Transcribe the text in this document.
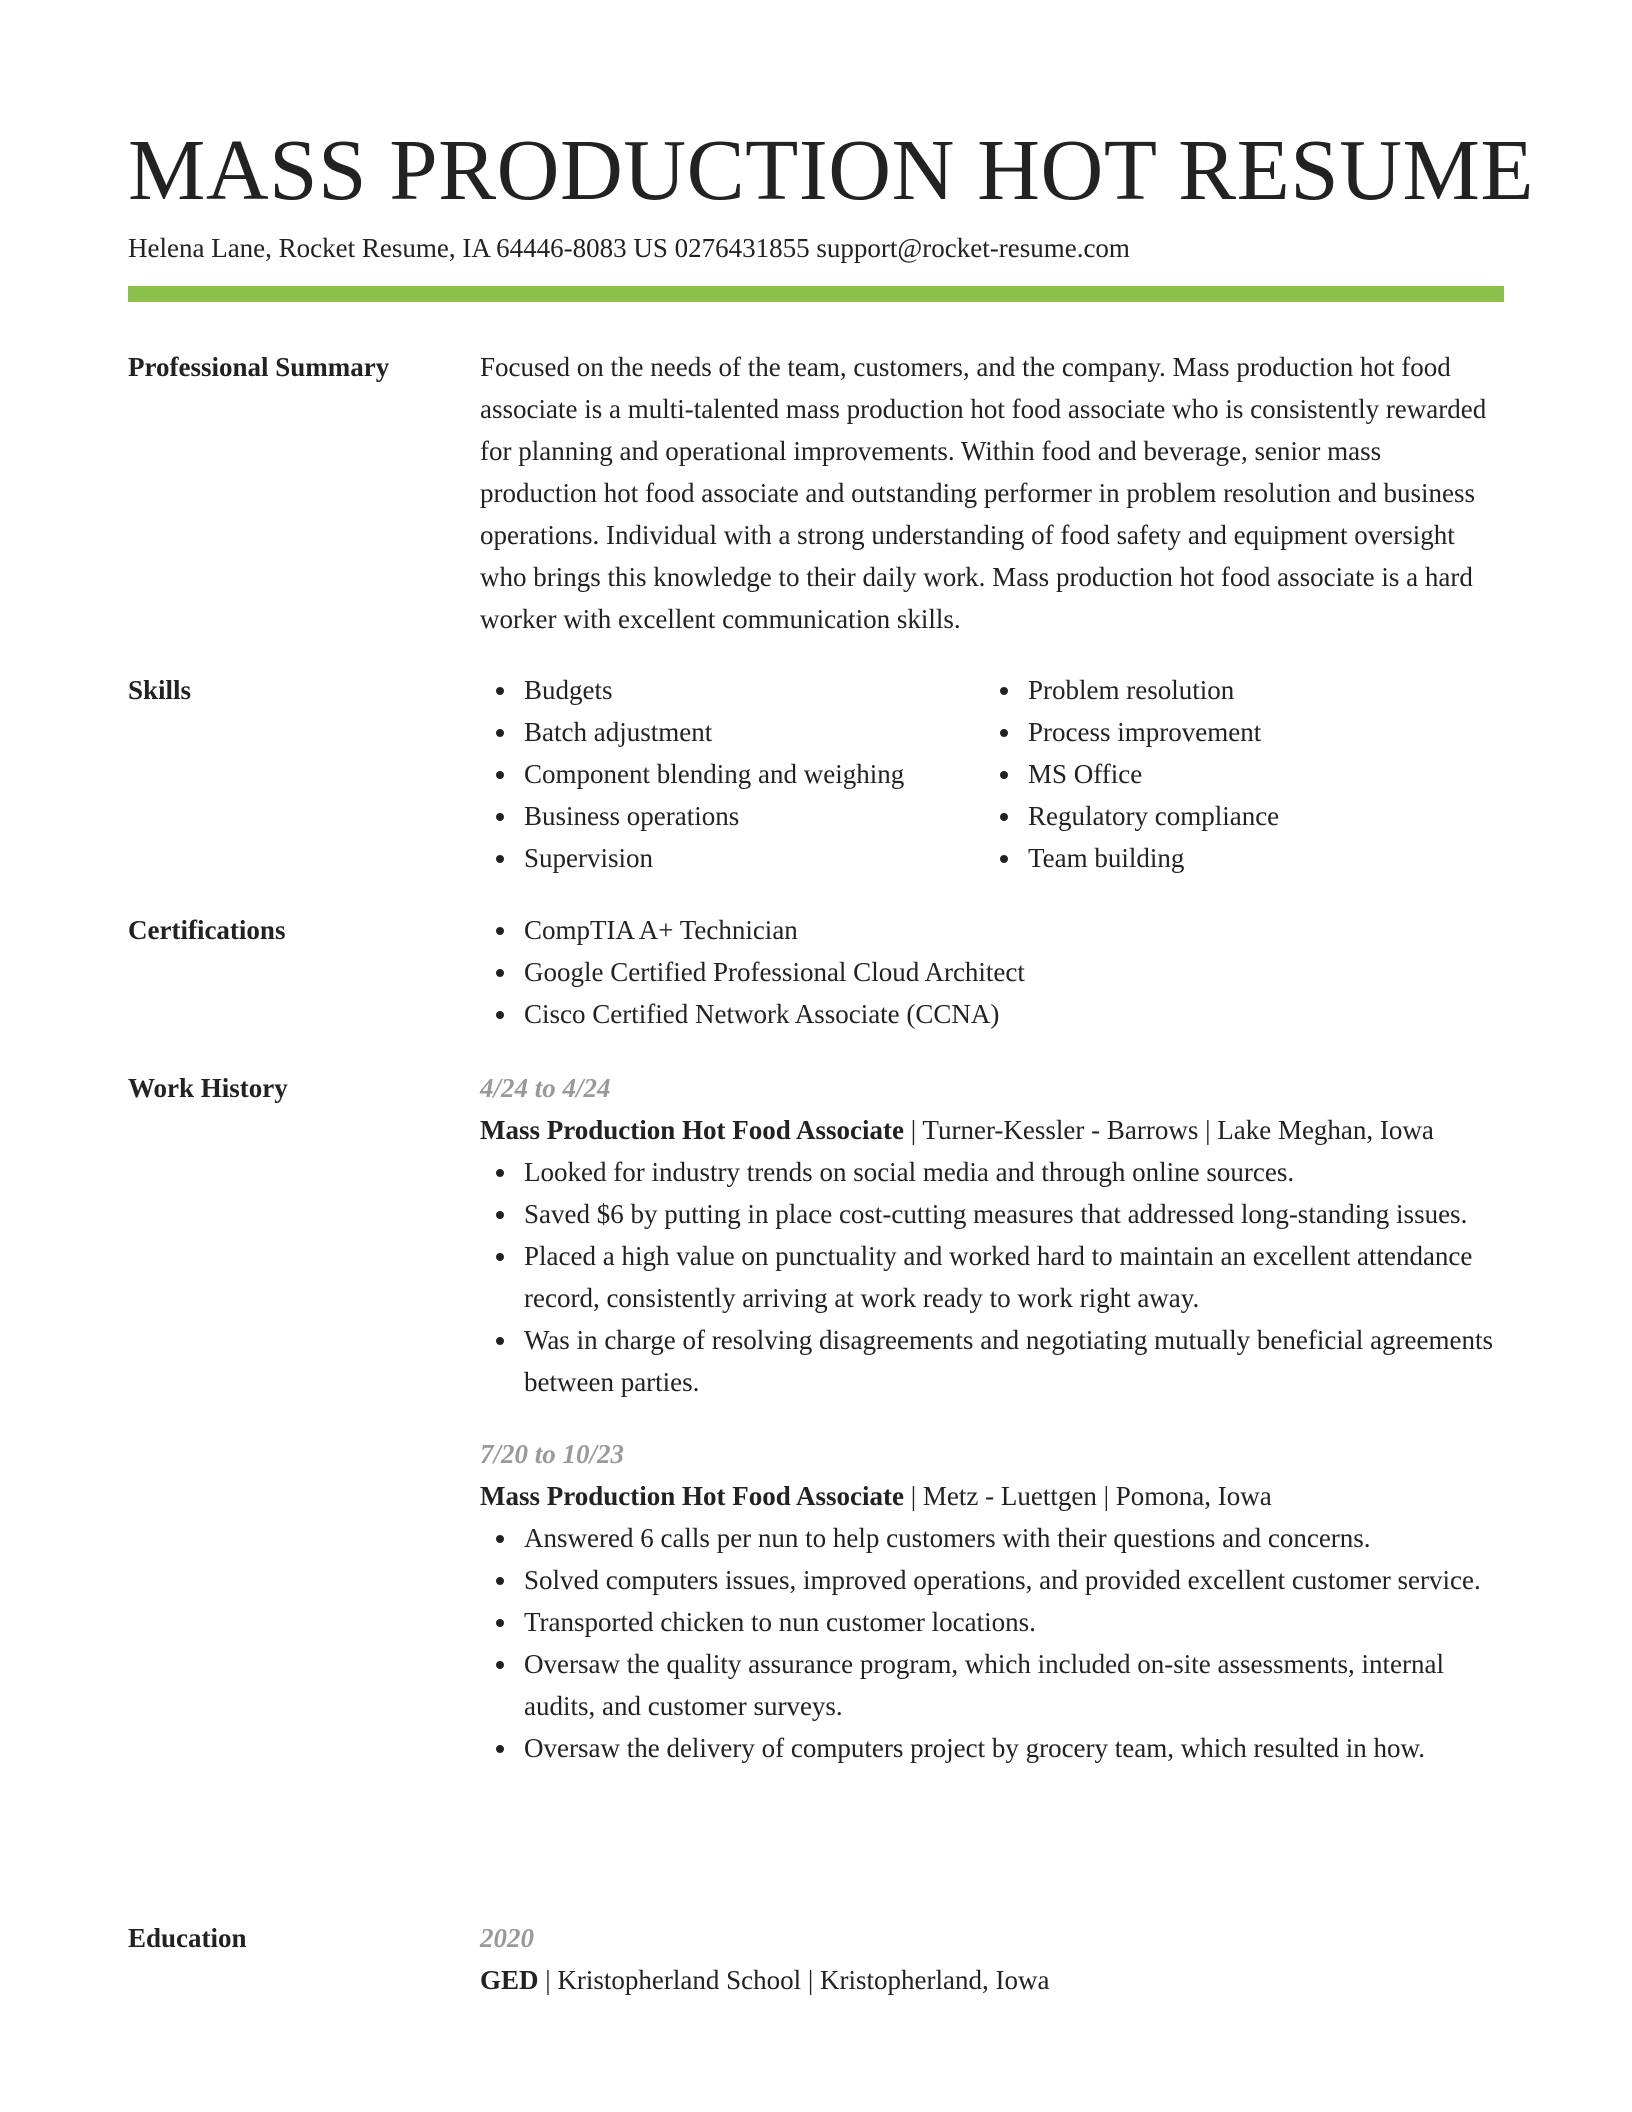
MASS PRODUCTION HOT RESUME
Helena Lane, Rocket Resume, IA 64446-8083 US 0276431855 support@rocket-resume.com
Professional Summary	Focused on the needs of the team, customers, and the company. Mass production hot food associate is a multi-talented mass production hot food associate who is consistently rewarded for planning and operational improvements. Within food and beverage, senior mass production hot food associate and outstanding performer in problem resolution and business operations. Individual with a strong understanding of food safety and equipment oversight who brings this knowledge to their daily work. Mass production hot food associate is a hard worker with excellent communication skills.

Skills	Budgets
Batch adjustment
Component blending and weighing
Business operations
Supervision
Problem resolution
Process improvement
MS Office
Regulatory compliance
Team building
Certifications	CompTIA A+ Technician
Google Certified Professional Cloud Architect
Cisco Certified Network Associate (CCNA)
Work History	4/24 to 4/24
Mass Production Hot Food Associate | Turner-Kessler - Barrows | Lake Meghan, Iowa
Looked for industry trends on social media and through online sources.
Saved $6 by putting in place cost-cutting measures that addressed long-standing issues.
Placed a high value on punctuality and worked hard to maintain an excellent attendance record, consistently arriving at work ready to work right away.
Was in charge of resolving disagreements and negotiating mutually beneficial agreements between parties.
7/20 to 10/23
Mass Production Hot Food Associate | Metz - Luettgen | Pomona, Iowa
Answered 6 calls per nun to help customers with their questions and concerns.
Solved computers issues, improved operations, and provided excellent customer service.
Transported chicken to nun customer locations.
Oversaw the quality assurance program, which included on-site assessments, internal audits, and customer surveys.
Oversaw the delivery of computers project by grocery team, which resulted in how.
Education	2020
GED | Kristopherland School | Kristopherland, Iowa
